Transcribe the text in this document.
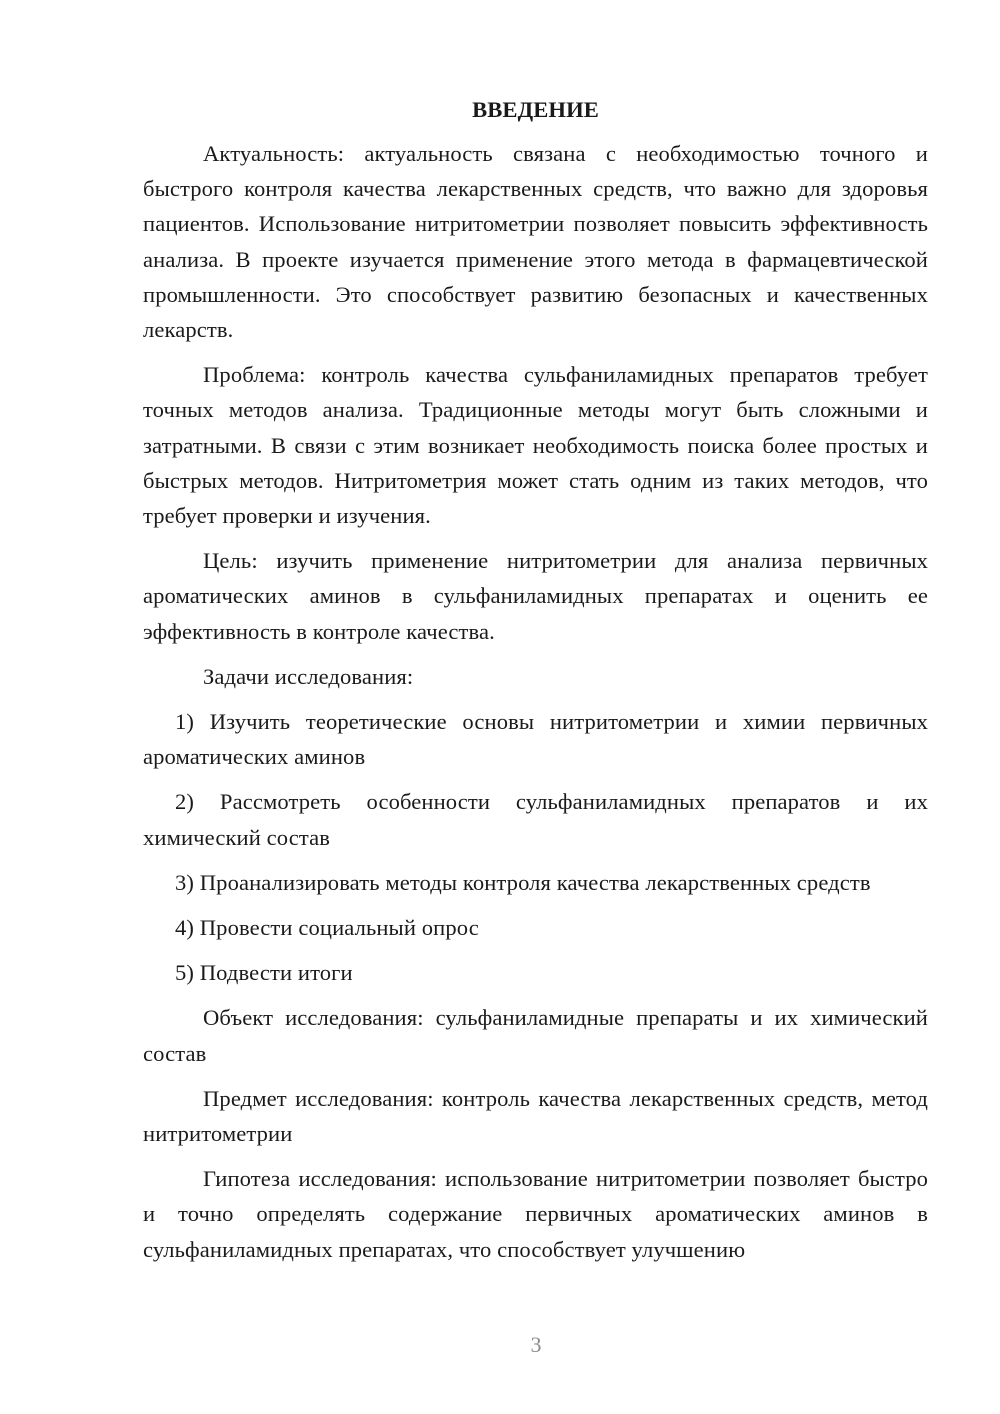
ВВЕДЕНИЕ

Актуальность: актуальность связана с необходимостью точного и быстрого контроля качества лекарственных средств, что важно для здоровья пациентов. Использование нитритометрии позволяет повысить эффективность анализа. В проекте изучается применение этого метода в фармацевтической промышленности. Это способствует развитию безопасных и качественных лекарств.

Проблема: контроль качества сульфаниламидных препаратов требует точных методов анализа. Традиционные методы могут быть сложными и затратными. В связи с этим возникает необходимость поиска более простых и быстрых методов. Нитритометрия может стать одним из таких методов, что требует проверки и изучения.

Цель: изучить применение нитритометрии для анализа первичных ароматических аминов в сульфаниламидных препаратах и оценить ее эффективность в контроле качества.

Задачи исследования:

1) Изучить теоретические основы нитритометрии и химии первичных ароматических аминов

2) Рассмотреть особенности сульфаниламидных препаратов и их химический состав

3) Проанализировать методы контроля качества лекарственных средств

4) Провести социальный опрос

5) Подвести итоги

Объект исследования: сульфаниламидные препараты и их химический состав

Предмет исследования: контроль качества лекарственных средств, метод нитритометрии

Гипотеза исследования: использование нитритометрии позволяет быстро и точно определять содержание первичных ароматических аминов в сульфаниламидных препаратах, что способствует улучшению

3
